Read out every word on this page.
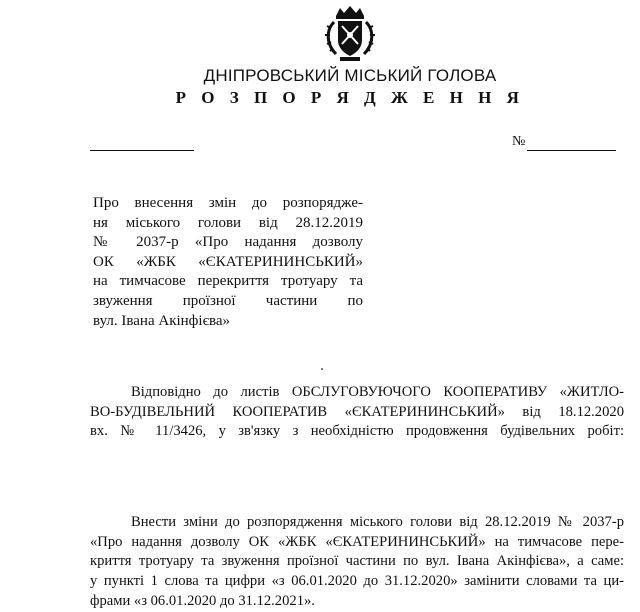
ДНІПРОВСЬКИЙ МІСЬКИЙ ГОЛОВА
Р О З П О Р Я Д Ж Е Н Н Я
№
Про внесення змін до розпорядже-
ня міського голови від 28.12.2019
№ 2037-р «Про надання дозволу
ОК «ЖБК «ЄКАТЕРИНИНСЬКИЙ»
на тимчасове перекриття тротуару та
звуження проїзної частини по
вул. Івана Акінфієва»
Відповідно до листів ОБСЛУГОВУЮЧОГО КООПЕРАТИВУ «ЖИТЛО-
ВО-БУДІВЕЛЬНИЙ КООПЕРАТИВ «ЄКАТЕРИНИНСЬКИЙ» від 18.12.2020
вх. № 11/3426, у зв'язку з необхідністю продовження будівельних робіт:
Внести зміни до розпорядження міського голови від 28.12.2019 № 2037-р
«Про надання дозволу ОК «ЖБК «ЄКАТЕРИНИНСЬКИЙ» на тимчасове пере-
криття тротуару та звуження проїзної частини по вул. Івана Акінфієва», а саме:
у пункті 1 слова та цифри «з 06.01.2020 до 31.12.2020» замінити словами та ци-
фрами «з 06.01.2020 до 31.12.2021».
